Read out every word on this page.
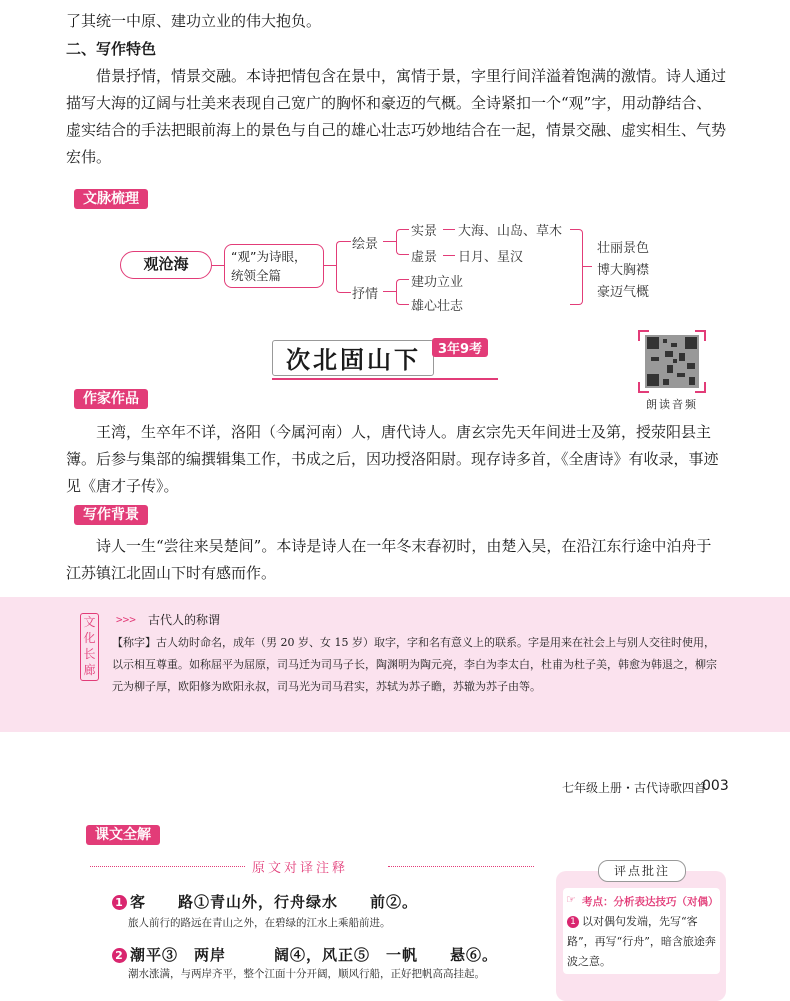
了其统一中原、建功立业的伟大抱负。

二、写作特色

借景抒情，情景交融。本诗把情包含在景中，寓情于景，字里行间洋溢着饱满的激情。诗人通过描写大海的辽阔与壮美来表现自己宽广的胸怀和豪迈的气概。全诗紧扣一个“观”字，用动静结合、虚实结合的手法把眼前海上的景色与自己的雄心壮志巧妙地结合在一起，情景交融、虚实相生、气势宏伟。

〈 文脉梳理
观沧海	“观”为诗眼，统领全篇
绘景
抒情
实景 大海、山岛、草木
虚景 日月、星汉
建功立业
雄心壮志
壮丽景色
博大胸襟
豪迈气概
次北固山下	3年9考
朗读音频
〈 作家作品

王湾，生卒年不详，洛阳（今属河南）人，唐代诗人。唐玄宗先天年间进士及第，授荥阳县主簿。后参与集部的编撰辑集工作，书成之后，因功授洛阳尉。现存诗多首，《全唐诗》有收录，事迹见《唐才子传》。

〈 写作背景

诗人一生“尝往来吴楚间”。本诗是诗人在一年冬末春初时，由楚入吴，在沿江东行途中泊舟于江苏镇江北固山下时有感而作。

文化长廊
>>> 古代人的称谓

【称字】古人幼时命名，成年（男 20 岁、女 15 岁）取字，字和名有意义上的联系。字是用来在社会上与别人交往时使用，以示相互尊重。如称屈平为屈原，司马迁为司马子长，陶渊明为陶元亮，李白为李太白，杜甫为杜子美，韩愈为韩退之，柳宗元为柳子厚，欧阳修为欧阳永叔，司马光为司马君实，苏轼为苏子瞻，苏辙为苏子由等。

七年级上册・古代诗歌四首
003
〈 课文全解
原文对译注释
1 客　　路①青山外，行舟绿水　　前②。
旅人前行的路远在青山之外，在碧绿的江水上乘船前进。
2 潮平③　两岸　　　阔④，风正⑤　一帆　　悬⑥。
潮水涨满，与两岸齐平，整个江面十分开阔，顺风行船，正好把帆高高挂起。
评点批注
☞ 考点：分析表达技巧（对偶）

1 以对偶句发端，先写“客路”，再写“行舟”，暗含旅途奔波之意。
